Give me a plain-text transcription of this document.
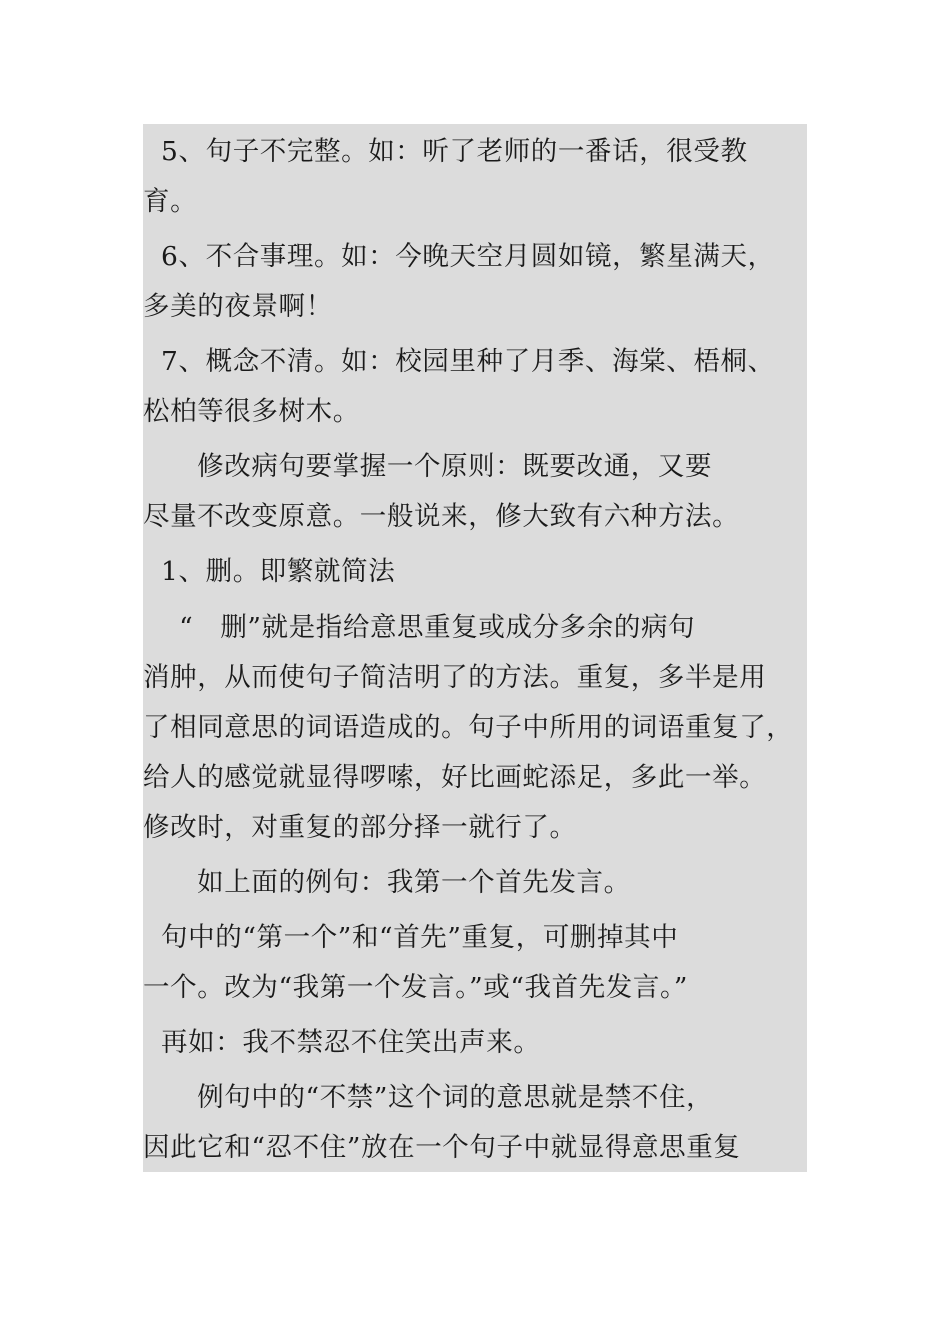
5、句子不完整。如：听了老师的一番话，很受教
育。
6、不合事理。如：今晚天空月圆如镜，繁星满天，
多美的夜景啊！
7、概念不清。如：校园里种了月季、海棠、梧桐、
松柏等很多树木。
修改病句要掌握一个原则：既要改通，又要
尽量不改变原意。一般说来，修大致有六种方法。
1、删。即繁就简法
“   删”就是指给意思重复或成分多余的病句
消肿，从而使句子简洁明了的方法。重复，多半是用
了相同意思的词语造成的。句子中所用的词语重复了，
给人的感觉就显得啰嗦，好比画蛇添足，多此一举。
修改时，对重复的部分择一就行了。
如上面的例句：我第一个首先发言。
句中的“第一个”和“首先”重复，可删掉其中
一个。改为“我第一个发言。”或“我首先发言。”
再如：我不禁忍不住笑出声来。
例句中的“不禁”这个词的意思就是禁不住，
因此它和“忍不住”放在一个句子中就显得意思重复
